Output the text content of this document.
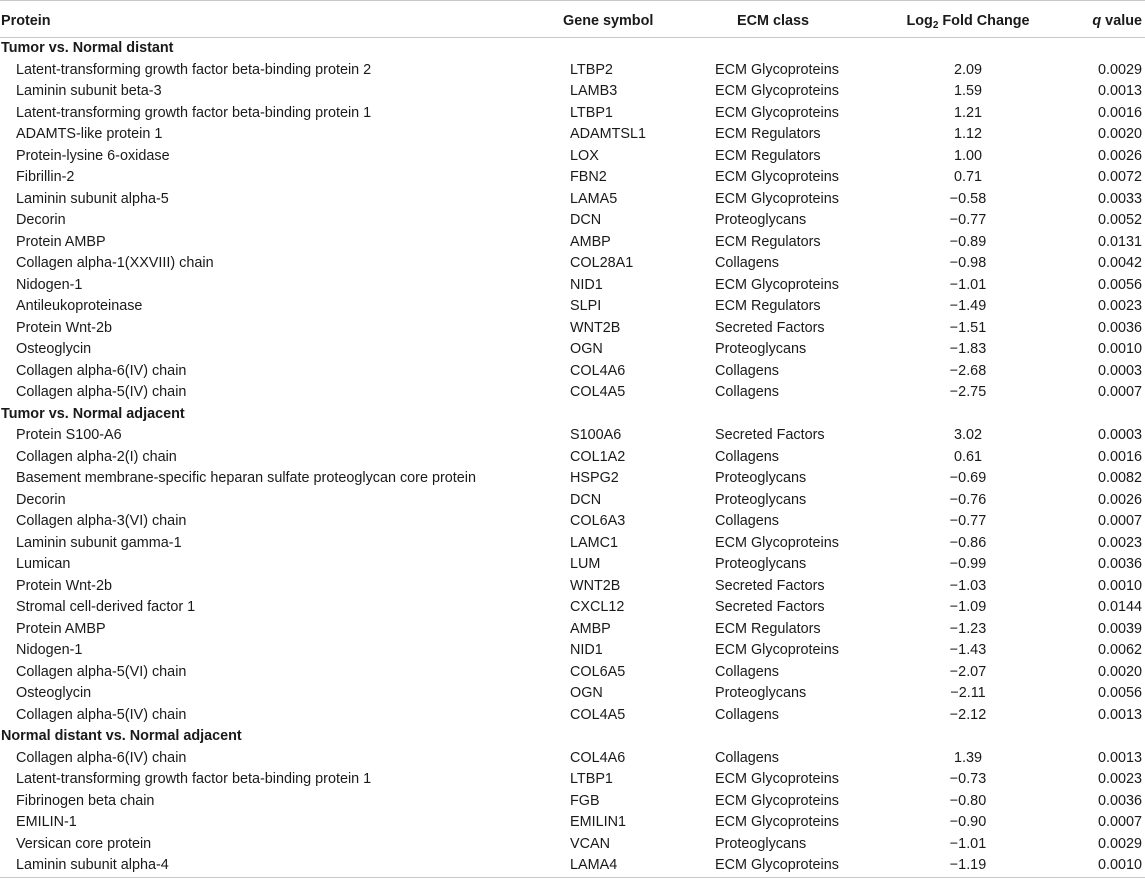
Protein	Gene symbol	ECM class	Log$_2$ Fold Change	q value
Tumor vs. Normal distant
Latent-transforming growth factor beta-binding protein 2	LTBP2	ECM Glycoproteins	2.09	0.0029
Laminin subunit beta-3	LAMB3	ECM Glycoproteins	1.59	0.0013
Latent-transforming growth factor beta-binding protein 1	LTBP1	ECM Glycoproteins	1.21	0.0016
ADAMTS-like protein 1	ADAMTSL1	ECM Regulators	1.12	0.0020
Protein-lysine 6-oxidase	LOX	ECM Regulators	1.00	0.0026
Fibrillin-2	FBN2	ECM Glycoproteins	0.71	0.0072
Laminin subunit alpha-5	LAMA5	ECM Glycoproteins	−0.58	0.0033
Decorin	DCN	Proteoglycans	−0.77	0.0052
Protein AMBP	AMBP	ECM Regulators	−0.89	0.0131
Collagen alpha-1(XXVIII) chain	COL28A1	Collagens	−0.98	0.0042
Nidogen-1	NID1	ECM Glycoproteins	−1.01	0.0056
Antileukoproteinase	SLPI	ECM Regulators	−1.49	0.0023
Protein Wnt-2b	WNT2B	Secreted Factors	−1.51	0.0036
Osteoglycin	OGN	Proteoglycans	−1.83	0.0010
Collagen alpha-6(IV) chain	COL4A6	Collagens	−2.68	0.0003
Collagen alpha-5(IV) chain	COL4A5	Collagens	−2.75	0.0007
Tumor vs. Normal adjacent
Protein S100-A6	S100A6	Secreted Factors	3.02	0.0003
Collagen alpha-2(I) chain	COL1A2	Collagens	0.61	0.0016
Basement membrane-specific heparan sulfate proteoglycan core protein	HSPG2	Proteoglycans	−0.69	0.0082
Decorin	DCN	Proteoglycans	−0.76	0.0026
Collagen alpha-3(VI) chain	COL6A3	Collagens	−0.77	0.0007
Laminin subunit gamma-1	LAMC1	ECM Glycoproteins	−0.86	0.0023
Lumican	LUM	Proteoglycans	−0.99	0.0036
Protein Wnt-2b	WNT2B	Secreted Factors	−1.03	0.0010
Stromal cell-derived factor 1	CXCL12	Secreted Factors	−1.09	0.0144
Protein AMBP	AMBP	ECM Regulators	−1.23	0.0039
Nidogen-1	NID1	ECM Glycoproteins	−1.43	0.0062
Collagen alpha-5(VI) chain	COL6A5	Collagens	−2.07	0.0020
Osteoglycin	OGN	Proteoglycans	−2.11	0.0056
Collagen alpha-5(IV) chain	COL4A5	Collagens	−2.12	0.0013
Normal distant vs. Normal adjacent
Collagen alpha-6(IV) chain	COL4A6	Collagens	1.39	0.0013
Latent-transforming growth factor beta-binding protein 1	LTBP1	ECM Glycoproteins	−0.73	0.0023
Fibrinogen beta chain	FGB	ECM Glycoproteins	−0.80	0.0036
EMILIN-1	EMILIN1	ECM Glycoproteins	−0.90	0.0007
Versican core protein	VCAN	Proteoglycans	−1.01	0.0029
Laminin subunit alpha-4	LAMA4	ECM Glycoproteins	−1.19	0.0010
